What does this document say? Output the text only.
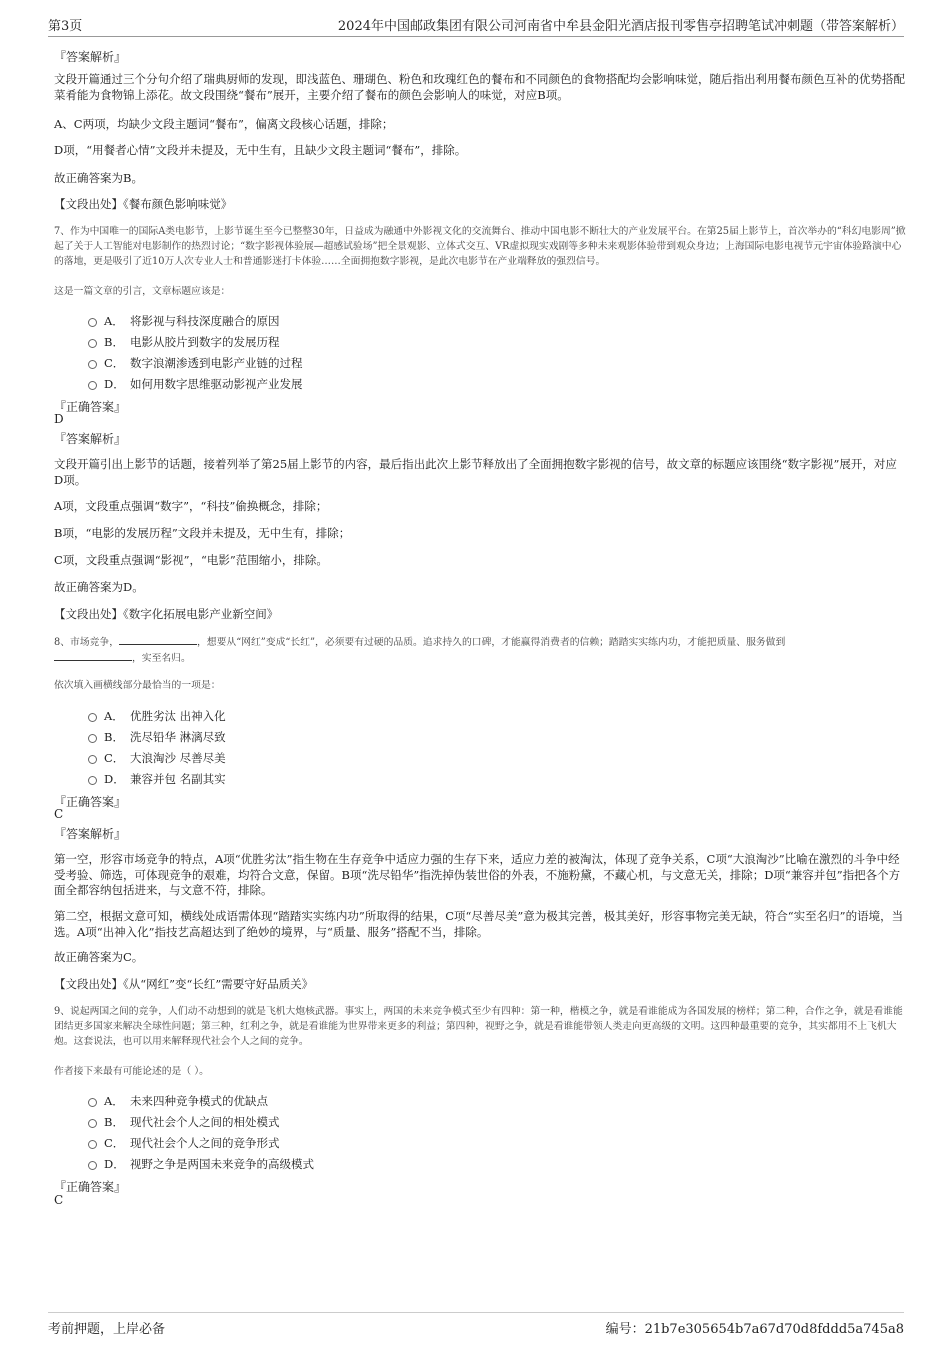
第3页	2024年中国邮政集团有限公司河南省中牟县金阳光酒店报刊零售亭招聘笔试冲刺题（带答案解析）
『答案解析』
文段开篇通过三个分句介绍了瑞典厨师的发现，即浅蓝色、珊瑚色、粉色和玫瑰红色的餐布和不同颜色的食物搭配均会影响味觉，随后指出利用餐布颜色互补的优势搭配菜肴能为食物锦上添花。故文段围绕“餐布”展开，主要介绍了餐布的颜色会影响人的味觉，对应B项。
A、C两项，均缺少文段主题词“餐布”，偏离文段核心话题，排除；
D项，“用餐者心情”文段并未提及，无中生有，且缺少文段主题词“餐布”，排除。
故正确答案为B。
【文段出处】《餐布颜色影响味觉》
7、作为中国唯一的国际A类电影节，上影节诞生至今已整整30年，日益成为融通中外影视文化的交流舞台、推动中国电影不断壮大的产业发展平台。在第25届上影节上，首次举办的“科幻电影周”掀起了关于人工智能对电影制作的热烈讨论；“数字影视体验展—超感试验场”把全景观影、立体式交互、VR虚拟现实戏剧等多种未来观影体验带到观众身边；上海国际电影电视节元宇宙体验路演中心的落地，更是吸引了近10万人次专业人士和普通影迷打卡体验……全面拥抱数字影视，是此次电影节在产业端释放的强烈信号。
这是一篇文章的引言，文章标题应该是：
A． 将影视与科技深度融合的原因
B． 电影从胶片到数字的发展历程
C． 数字浪潮渗透到电影产业链的过程
D． 如何用数字思维驱动影视产业发展
『正确答案』
D
『答案解析』
文段开篇引出上影节的话题，接着列举了第25届上影节的内容，最后指出此次上影节释放出了全面拥抱数字影视的信号，故文章的标题应该围绕“数字影视”展开，对应D项。
A项，文段重点强调“数字”，“科技”偷换概念，排除；
B项，“电影的发展历程”文段并未提及，无中生有，排除；
C项，文段重点强调“影视”，“电影”范围缩小，排除。
故正确答案为D。
【文段出处】《数字化拓展电影产业新空间》
8、市场竞争，	，想要从“网红”变成“长红”，必须要有过硬的品质。追求持久的口碑，才能赢得消费者的信赖；踏踏实实练内功，才能把质量、服务做到
，实至名归。
依次填入画横线部分最恰当的一项是：
A． 优胜劣汰 出神入化
B． 洗尽铅华 淋漓尽致
C． 大浪淘沙 尽善尽美
D． 兼容并包 名副其实
『正确答案』
C
『答案解析』
第一空，形容市场竞争的特点，A项“优胜劣汰”指生物在生存竞争中适应力强的生存下来，适应力差的被淘汰，体现了竞争关系，C项“大浪淘沙”比喻在激烈的斗争中经受考验、筛选，可体现竞争的艰难，均符合文意，保留。B项“洗尽铅华”指洗掉伪装世俗的外表，不施粉黛，不藏心机，与文意无关，排除；D项“兼容并包”指把各个方面全都容纳包括进来，与文意不符，排除。
第二空，根据文意可知，横线处成语需体现“踏踏实实练内功”所取得的结果，C项“尽善尽美”意为极其完善，极其美好，形容事物完美无缺，符合“实至名归”的语境，当选。A项“出神入化”指技艺高超达到了绝妙的境界，与“质量、服务”搭配不当，排除。
故正确答案为C。
【文段出处】《从“网红”变“长红”需要守好品质关》
9、说起两国之间的竞争，人们动不动想到的就是飞机大炮核武器。事实上，两国的未来竞争模式至少有四种：第一种，楷模之争，就是看谁能成为各国发展的榜样；第二种，合作之争，就是看谁能团结更多国家来解决全球性问题；第三种，红利之争，就是看谁能为世界带来更多的利益；第四种，视野之争，就是看谁能带领人类走向更高级的文明。这四种最重要的竞争，其实都用不上飞机大炮。这套说法，也可以用来解释现代社会个人之间的竞争。
作者接下来最有可能论述的是（ ）。
A． 未来四种竞争模式的优缺点
B． 现代社会个人之间的相处模式
C． 现代社会个人之间的竞争形式
D． 视野之争是两国未来竞争的高级模式
『正确答案』
C
考前押题，上岸必备	编号：21b7e305654b7a67d70d8fddd5a745a8
